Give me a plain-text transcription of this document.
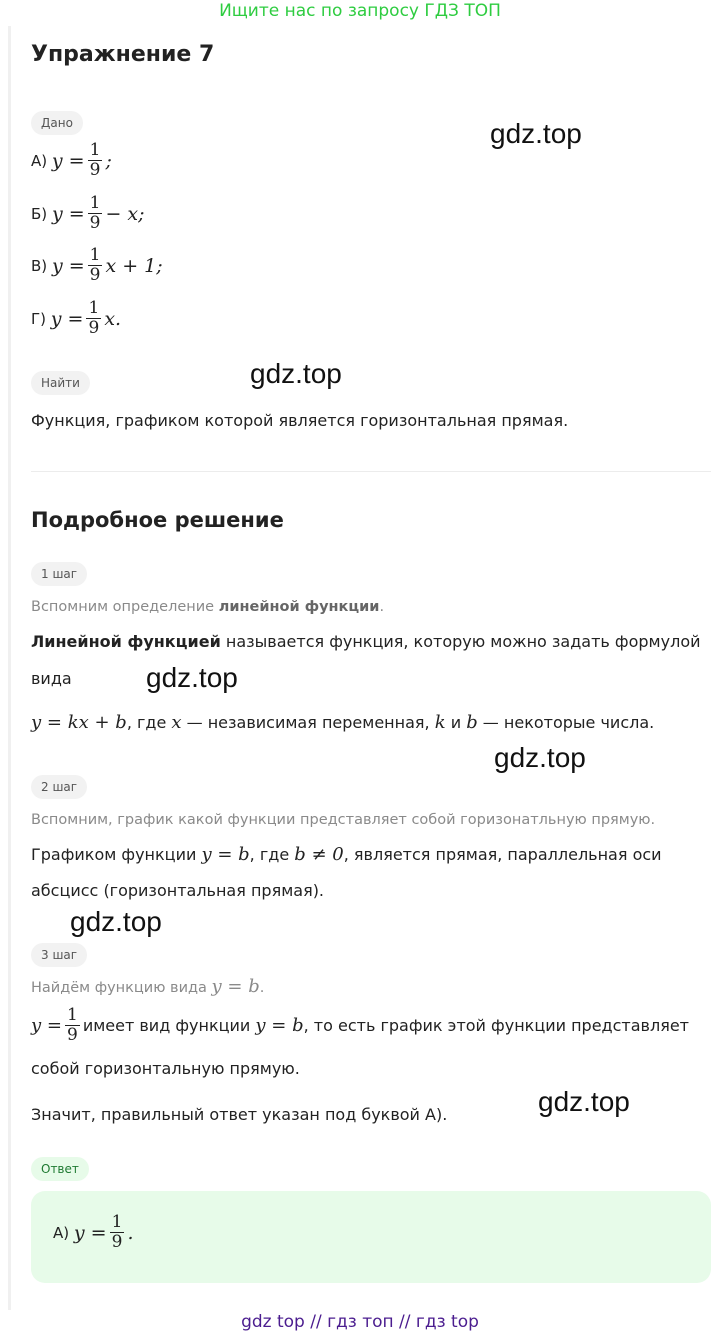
Ищите нас по запросу ГДЗ ТОП
Упражнение 7
Дано
А)
$y = \frac{1}{9}$ ;
Б)
$y = \frac{1}{9} - x$;
В)
$y = \frac{1}{9}$ x + 1;
Г)
$y = \frac{1}{9} x$.
Найти
Функция, графиком которой является горизонтальная прямая.
Подробное решение
1 шаг
Вспомним определение линейной функции.
Линейной функцией называется функция, которую можно задать формулой
вида
y = kx + b, где x — независимая переменная, k и b — некоторые числа.
2 шаг
Вспомним, график какой функции представляет собой горизонатльную прямую.
Графиком функции y = b, где b ≠ 0, является прямая, параллельная оси
абсцисс (горизонтальная прямая).
3 шаг
Найдём функцию вида y = b.
$y = \frac{1}{9}$ имеет вид функции
y = b , то есть график этой функции представляет
собой горизонтальную прямую.
Значит, правильный ответ указан под буквой А).
Ответ
А)
$y = \frac{1}{9}$ .
gdz.top
gdz.top
gdz.top
gdz.top
gdz.top
gdz.top
gdz top // гдз топ // гдз top
